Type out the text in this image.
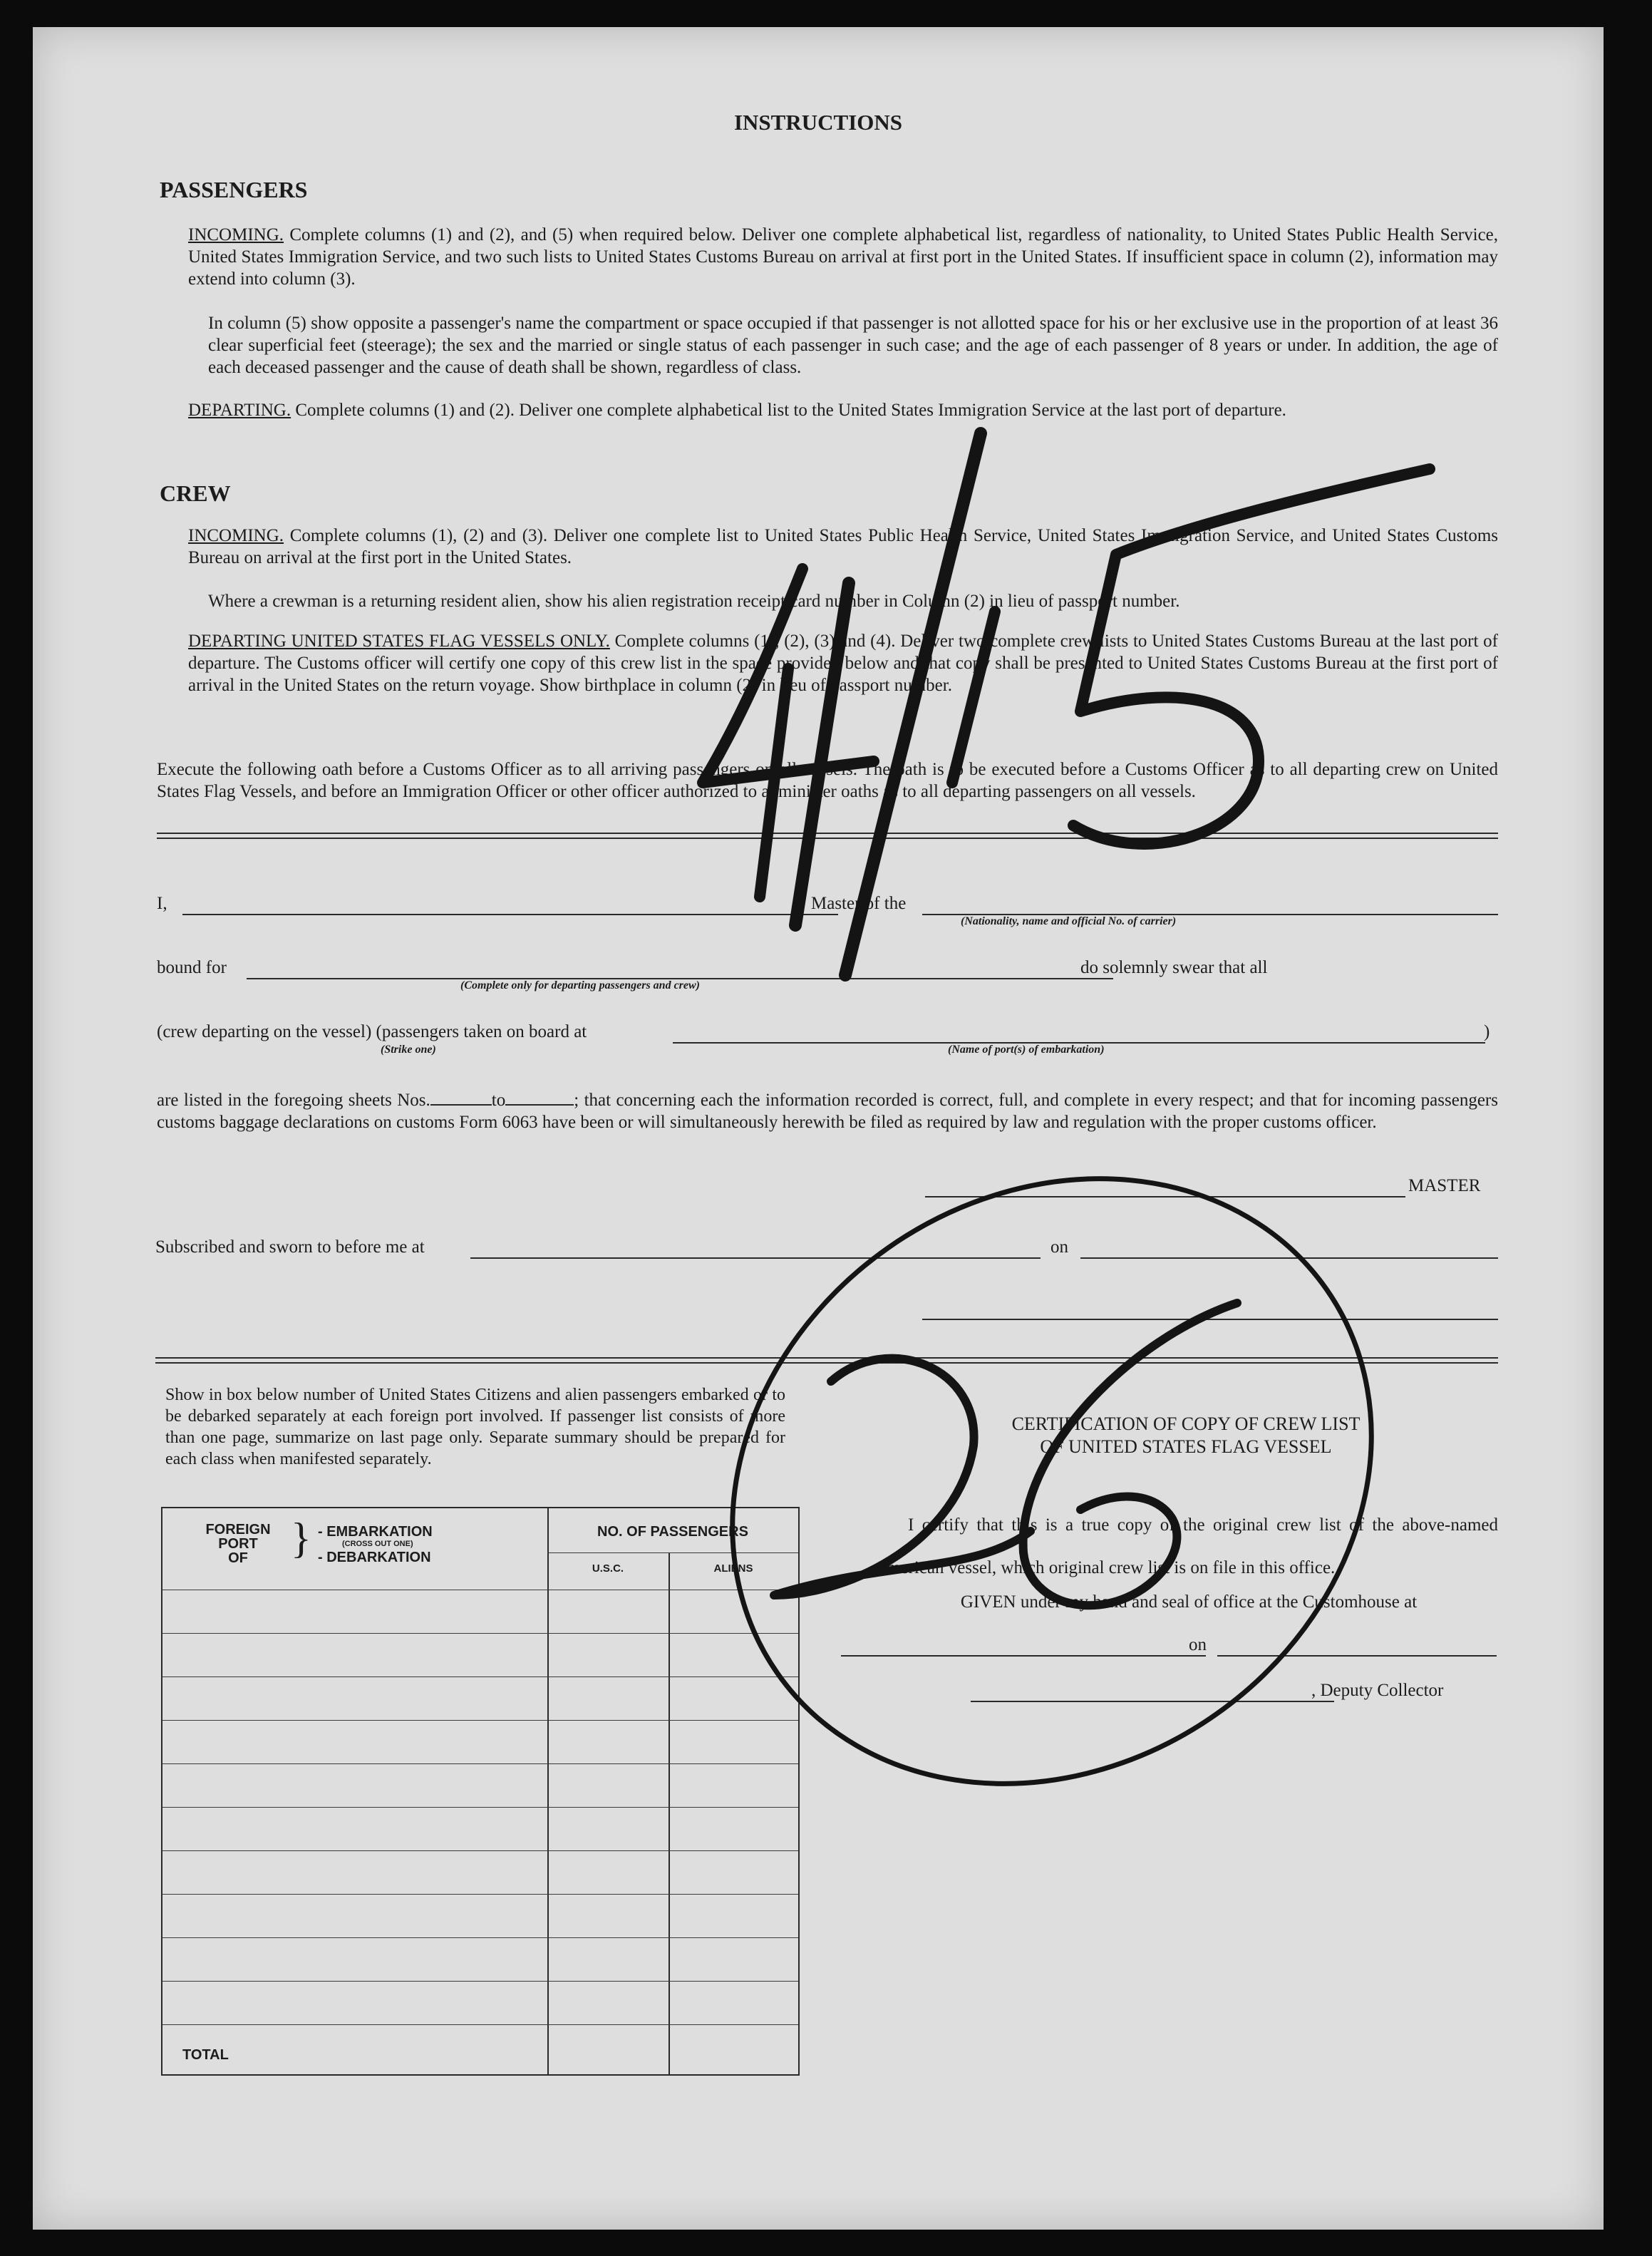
INSTRUCTIONS
PASSENGERS
INCOMING. Complete columns (1) and (2), and (5) when required below. Deliver one complete alphabetical list, regardless of nationality, to United States Public Health Service, United States Immigration Service, and two such lists to United States Customs Bureau on arrival at first port in the United States. If insufficient space in column (2), information may extend into column (3).
In column (5) show opposite a passenger's name the compartment or space occupied if that passenger is not allotted space for his or her exclusive use in the proportion of at least 36 clear superficial feet (steerage); the sex and the married or single status of each passenger in such case; and the age of each passenger of 8 years or under. In addition, the age of each deceased passenger and the cause of death shall be shown, regardless of class.
DEPARTING. Complete columns (1) and (2). Deliver one complete alphabetical list to the United States Immigration Service at the last port of departure.
CREW
INCOMING. Complete columns (1), (2) and (3). Deliver one complete list to United States Public Health Service, United States Immigration Service, and United States Customs Bureau on arrival at the first port in the United States.
Where a crewman is a returning resident alien, show his alien registration receipt card number in Column (2) in lieu of passport number.
DEPARTING UNITED STATES FLAG VESSELS ONLY. Complete columns (1), (2), (3) and (4). Deliver two complete crew lists to United States Customs Bureau at the last port of departure. The Customs officer will certify one copy of this crew list in the space provided below and that copy shall be presented to United States Customs Bureau at the first port of arrival in the United States on the return voyage. Show birthplace in column (2) in lieu of passport number.
Execute the following oath before a Customs Officer as to all arriving passengers on all vessels. The oath is to be executed before a Customs Officer as to all departing crew on United States Flag Vessels, and before an Immigration Officer or other officer authorized to administer oaths as to all departing passengers on all vessels.
I,	Master of the
(Nationality, name and official No. of carrier)
bound for	do solemnly swear that all
(Complete only for departing passengers and crew)
(crew departing on the vessel) (passengers taken on board at	)
(Strike one)	(Name of port(s) of embarkation)
are listed in the foregoing sheets Nos.	to	; that concerning each the information recorded is correct, full, and complete in every respect; and that for incoming passengers customs baggage declarations on customs Form 6063 have been or will simultaneously herewith be filed as required by law and regulation with the proper customs officer.
MASTER
Subscribed and sworn to before me at	on
Show in box below number of United States Citizens and alien passengers embarked or to be debarked separately at each foreign port involved. If passenger list consists of more than one page, summarize on last page only. Separate summary should be prepared for each class when manifested separately.
FOREIGN
PORT
OF	} - EMBARKATION
(CROSS OUT ONE)
- DEBARKATION
NO. OF PASSENGERS
U.S.C.	ALIENS
TOTAL
CERTIFICATION OF COPY OF CREW LIST
OF UNITED STATES FLAG VESSEL
I certify that this is a true copy of the original crew list of the above-named American vessel, which original crew list is on file in this office.
GIVEN under my hand and seal of office at the Customhouse at
on
, Deputy Collector
